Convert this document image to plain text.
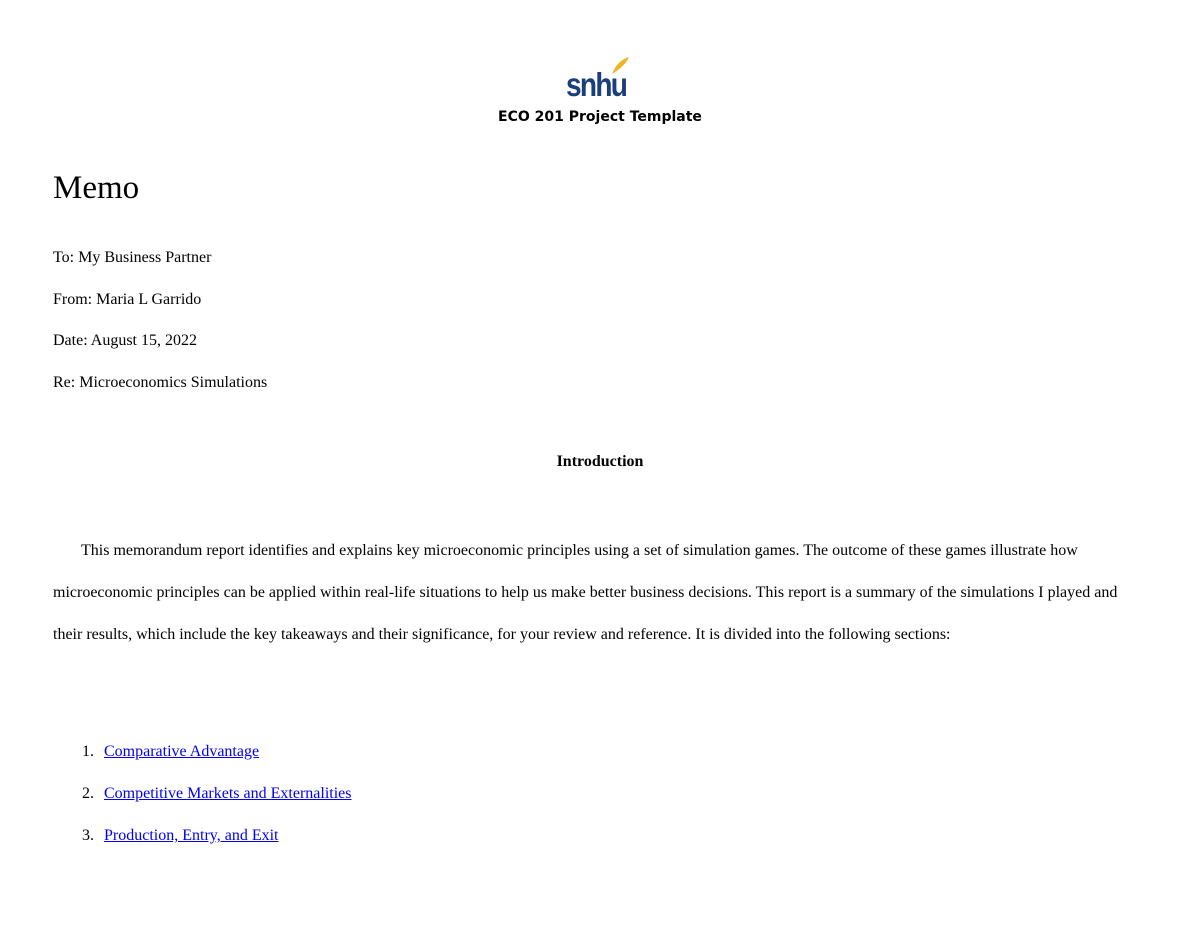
snhu
ECO 201 Project Template
Memo
To: My Business Partner
From: Maria L Garrido
Date: August 15, 2022
Re: Microeconomics Simulations
Introduction
This memorandum report identifies and explains key microeconomic principles using a set of simulation games. The outcome of these games illustrate how microeconomic principles can be applied within real-life situations to help us make better business decisions. This report is a summary of the simulations I played and their results, which include the key takeaways and their significance, for your review and reference. It is divided into the following sections:
1. Comparative Advantage
2. Competitive Markets and Externalities
3. Production, Entry, and Exit
